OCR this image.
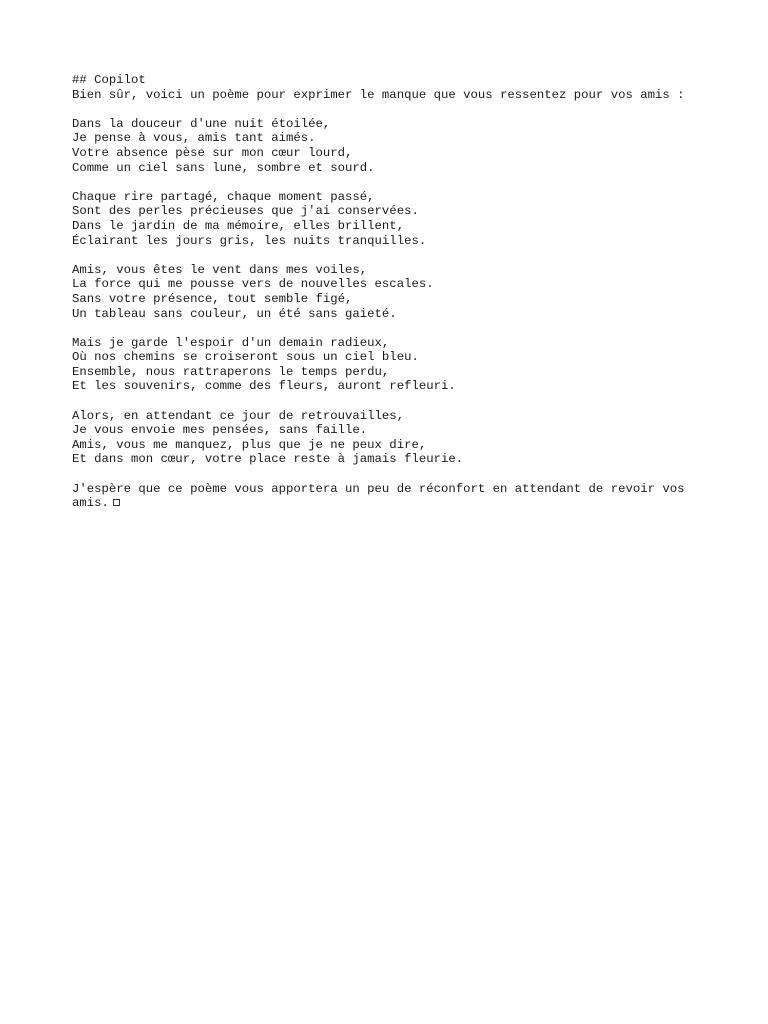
## Copilot
Bien sûr, voici un poème pour exprimer le manque que vous ressentez pour vos amis :
Dans la douceur d'une nuit étoilée,
Je pense à vous, amis tant aimés.
Votre absence pèse sur mon cœur lourd,
Comme un ciel sans lune, sombre et sourd.
Chaque rire partagé, chaque moment passé,
Sont des perles précieuses que j'ai conservées.
Dans le jardin de ma mémoire, elles brillent,
Éclairant les jours gris, les nuits tranquilles.
Amis, vous êtes le vent dans mes voiles,
La force qui me pousse vers de nouvelles escales.
Sans votre présence, tout semble figé,
Un tableau sans couleur, un été sans gaieté.
Mais je garde l'espoir d'un demain radieux,
Où nos chemins se croiseront sous un ciel bleu.
Ensemble, nous rattraperons le temps perdu,
Et les souvenirs, comme des fleurs, auront refleuri.
Alors, en attendant ce jour de retrouvailles,
Je vous envoie mes pensées, sans faille.
Amis, vous me manquez, plus que je ne peux dire,
Et dans mon cœur, votre place reste à jamais fleurie.
J'espère que ce poème vous apportera un peu de réconfort en attendant de revoir vos amis.
